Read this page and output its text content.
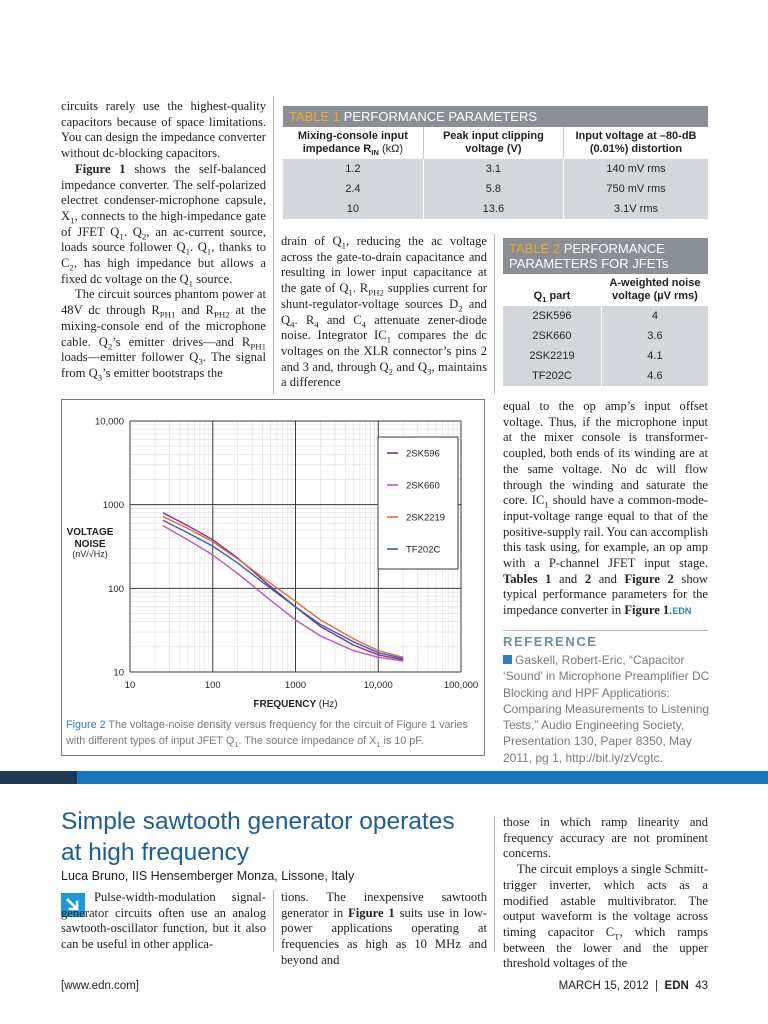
circuits rarely use the highest-quality capacitors because of space limitations. You can design the impedance converter without dc-blocking capacitors.

Figure 1 shows the self-balanced impedance converter. The self-polarized electret condenser-microphone capsule, $X_1$, connects to the high-impedance gate of JFET $Q_1$. $Q_2$, an ac-current source, loads source follower $Q_1$. $Q_1$, thanks to $C_2$, has high impedance but allows a fixed dc voltage on the $Q_1$ source.

The circuit sources phantom power at 48V dc through $R_{PH1}$ and $R_{PH2}$ at the mixing-console end of the microphone cable. $Q_2’s$ emitter drives—and $R_{PH1}$ loads—emitter follower $Q_3$. The signal from $Q_3’s$ emitter bootstraps the

TABLE 1 PERFORMANCE PARAMETERS
Mixing-console input impedance $R_{IN}$ (kΩ)	Peak input clipping voltage (V)	Input voltage at –80-dB (0.01%) distortion
1.2	3.1	140 mV rms
2.4	5.8	750 mV rms
10	13.6	3.1V rms

drain of $Q_1$, reducing the ac voltage across the gate-to-drain capacitance and resulting in lower input capacitance at the gate of $Q_1$. $R_{PH2}$ supplies current for shunt-regulator-voltage sources $D_2$ and $Q_4$. $R_4$ and $C_4$ attenuate zener-diode noise. Integrator $IC_1$ compares the dc voltages on the XLR connector’s pins 2 and 3 and, through $Q_2$ and $Q_3$, maintains a difference

TABLE 2 PERFORMANCE PARAMETERS FOR JFETs
$Q_1$ part	A-weighted noise voltage (µV rms)
2SK596	4
2SK660	3.6
2SK2219	4.1
TF202C	4.6
10	100	1000	10,000	100,000
10
100
1000
10,000
FREQUENCY (Hz)
VOLTAGE
NOISE
(nV/√Hz)
2SK596
2SK660
2SK2219
TF202C
Figure 2 The voltage-noise density versus frequency for the circuit of Figure 1 varies with different types of input JFET $Q_1$. The source impedance of $X_1$ is 10 pF.

equal to the op amp’s input offset voltage. Thus, if the microphone input at the mixer console is transformer-coupled, both ends of its winding are at the same voltage. No dc will flow through the winding and saturate the core. $IC_1$ should have a common-mode-input-voltage range equal to that of the positive-supply rail. You can accomplish this task using, for example, an op amp with a P-channel JFET input stage. Tables 1 and 2 and Figure 2 show typical performance parameters for the impedance converter in Figure 1.EDN

REFERENCE
Gaskell, Robert-Eric, “Capacitor ‘Sound’ in Microphone Preamplifier DC Blocking and HPF Applications: Comparing Measurements to Listening Tests,” Audio Engineering Society, Presentation 130, Paper 8350, May 2011, pg 1, http://bit.ly/zVcgtc.
Simple sawtooth generator operates at high frequency
Luca Bruno, IIS Hensemberger Monza, Lissone, Italy

Pulse-width-modulation signal-generator circuits often use an analog sawtooth-oscillator function, but it also can be useful in other applica-

tions. The inexpensive sawtooth generator in Figure 1 suits use in low-power applications operating at frequencies as high as 10 MHz and beyond and

those in which ramp linearity and frequency accuracy are not prominent concerns.

The circuit employs a single Schmitt-trigger inverter, which acts as a modified astable multivibrator. The output waveform is the voltage across timing capacitor $C_T$, which ramps between the lower and the upper threshold voltages of the

[www.edn.com]	MARCH 15, 2012 | EDN 43
